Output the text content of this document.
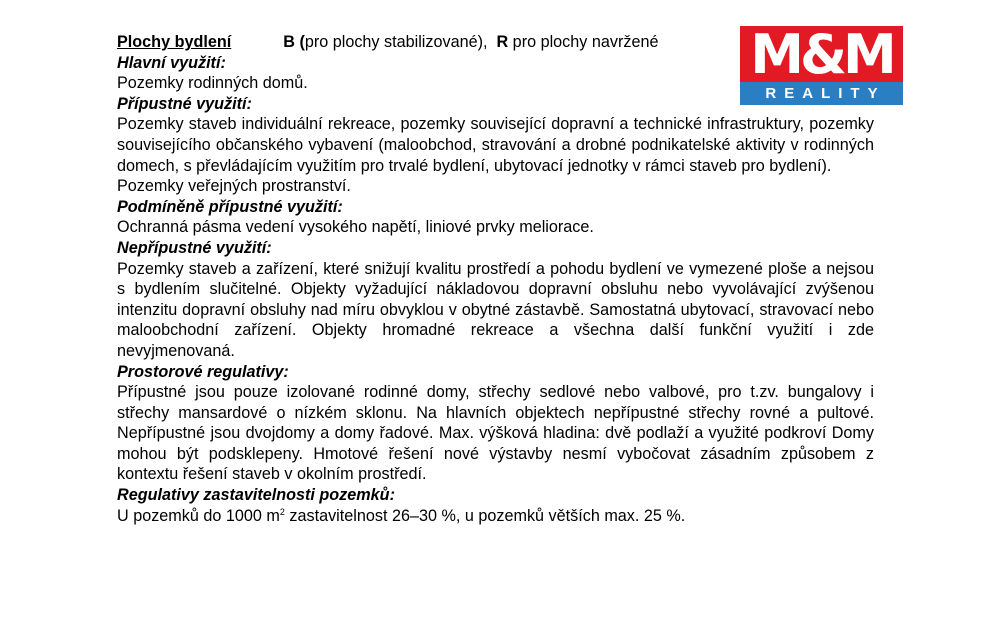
Plochy bydlení	B (pro plochy stabilizované), R pro plochy navržené
Hlavní využití:
Pozemky rodinných domů.
Přípustné využití:
Pozemky staveb individuální rekreace, pozemky související dopravní a technické infrastruktury, pozemky souvisejícího občanského vybavení (maloobchod, stravování a drobné podnikatelské aktivity v rodinných domech, s převládajícím využitím pro trvalé bydlení, ubytovací jednotky v rámci staveb pro bydlení).
Pozemky veřejných prostranství.
Podmíněně přípustné využití:
Ochranná pásma vedení vysokého napětí, liniové prvky meliorace.
Nepřípustné využití:
Pozemky staveb a zařízení, které snižují kvalitu prostředí a pohodu bydlení ve vymezené ploše a nejsou s bydlením slučitelné. Objekty vyžadující nákladovou dopravní obsluhu nebo vyvolávající zvýšenou intenzitu dopravní obsluhy nad míru obvyklou v obytné zástavbě. Samostatná ubytovací, stravovací nebo maloobchodní zařízení. Objekty hromadné rekreace a všechna další funkční využití i zde nevyjmenovaná.
Prostorové regulativy:
Přípustné jsou pouze izolované rodinné domy, střechy sedlové nebo valbové, pro t.zv. bungalovy i střechy mansardové o nízkém sklonu. Na hlavních objektech nepřípustné střechy rovné a pultové. Nepřípustné jsou dvojdomy a domy řadové. Max. výšková hladina: dvě podlaží a využité podkroví Domy mohou být podsklepeny. Hmotové řešení nové výstavby nesmí vybočovat zásadním způsobem z kontextu řešení staveb v okolním prostředí.
Regulativy zastavitelnosti pozemků:
U pozemků do 1000 $m^2$ zastavitelnost 26–30 %, u pozemků větších max. 25 %.
M&M
REALITY
